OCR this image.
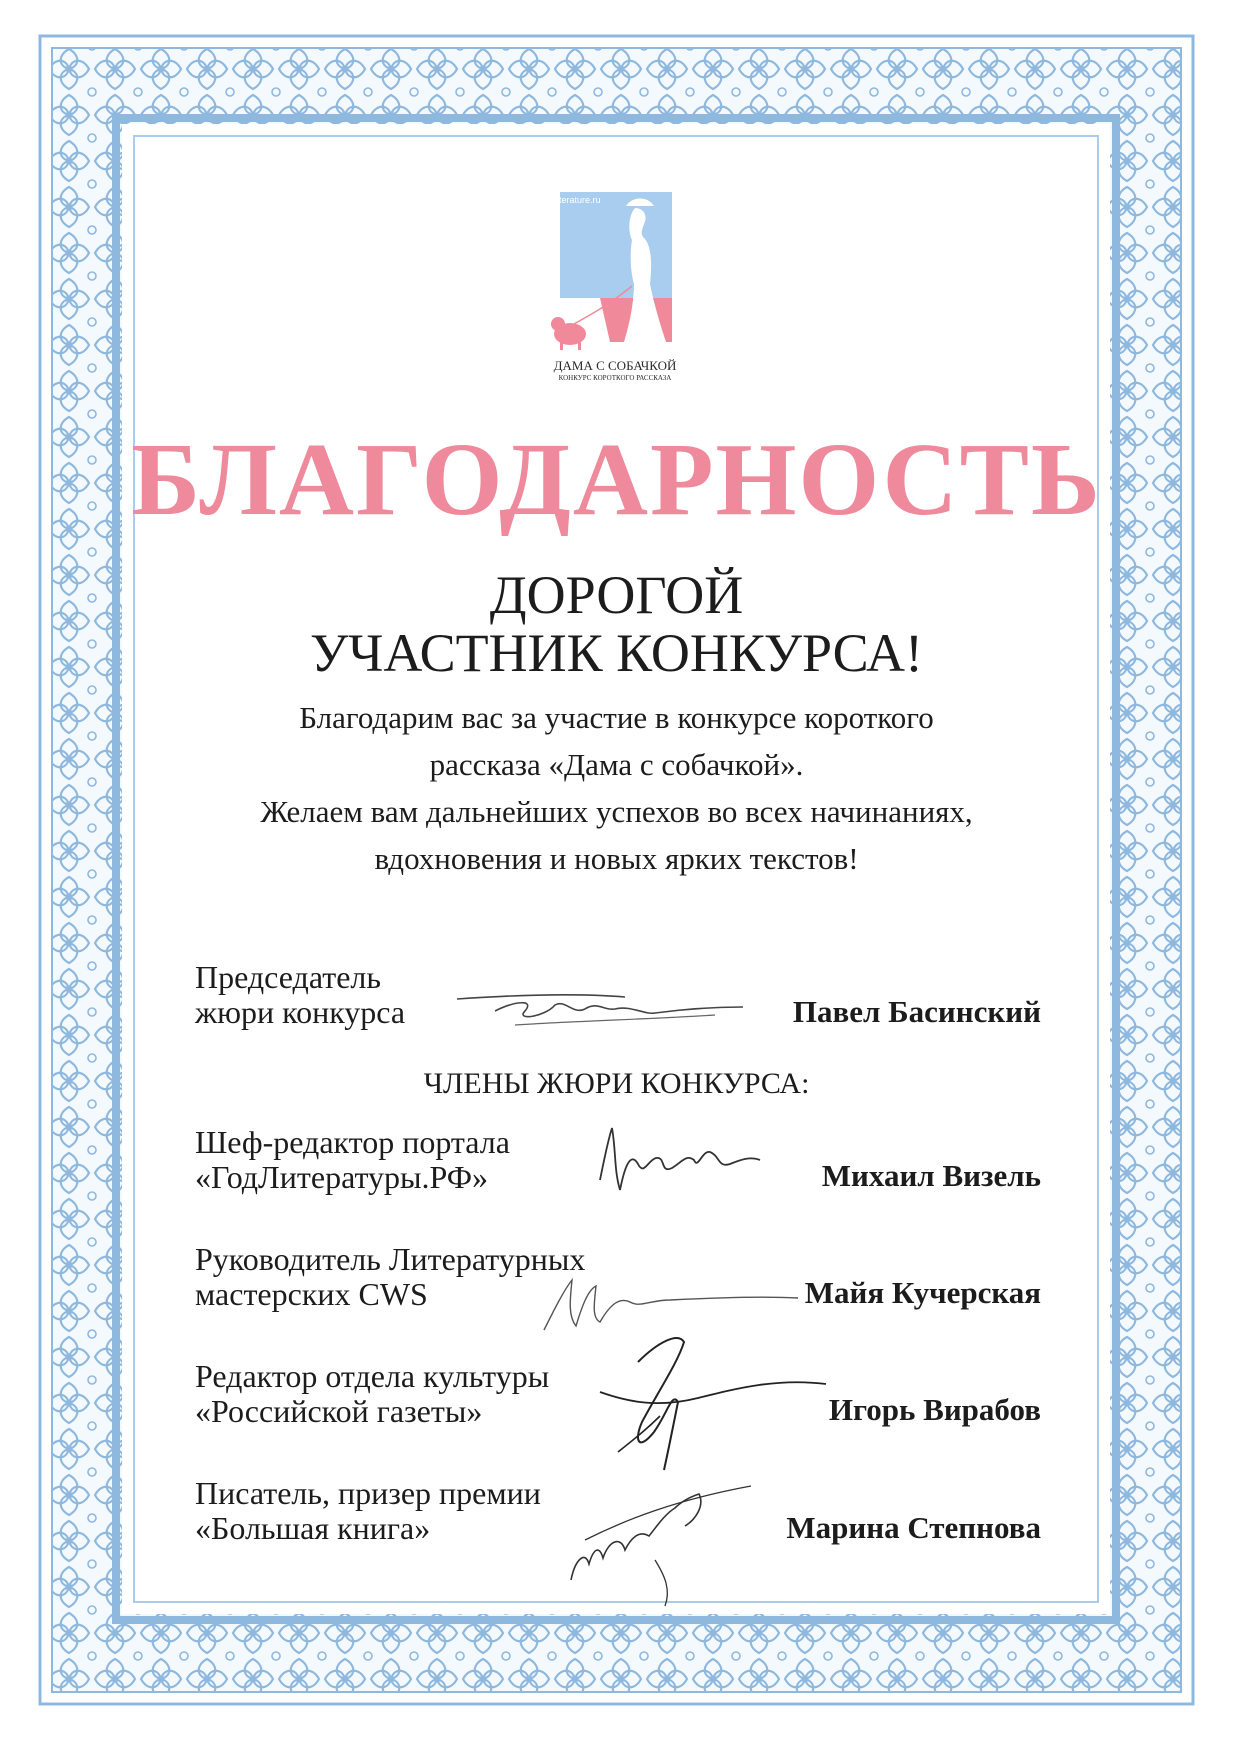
godliterature.ru
ДАМА С СОБАЧКОЙ
КОНКУРС КОРОТКОГО РАССКАЗА
БЛАГОДАРНОСТЬ
ДОРОГОЙ
УЧАСТНИК КОНКУРСА!
Благодарим вас за участие в конкурсе короткого
рассказа «Дама с собачкой».
Желаем вам дальнейших успехов во всех начинаниях,
вдохновения и новых ярких текстов!
Председатель
жюри конкурса	Павел Басинский
ЧЛЕНЫ ЖЮРИ КОНКУРСА:
Шеф-редактор портала
«ГодЛитературы.РФ»	Михаил Визель
Руководитель Литературных
мастерских CWS	Майя Кучерская
Редактор отдела культуры
«Российской газеты»	Игорь Вирабов
Писатель, призер премии
«Большая книга»	Марина Степнова
